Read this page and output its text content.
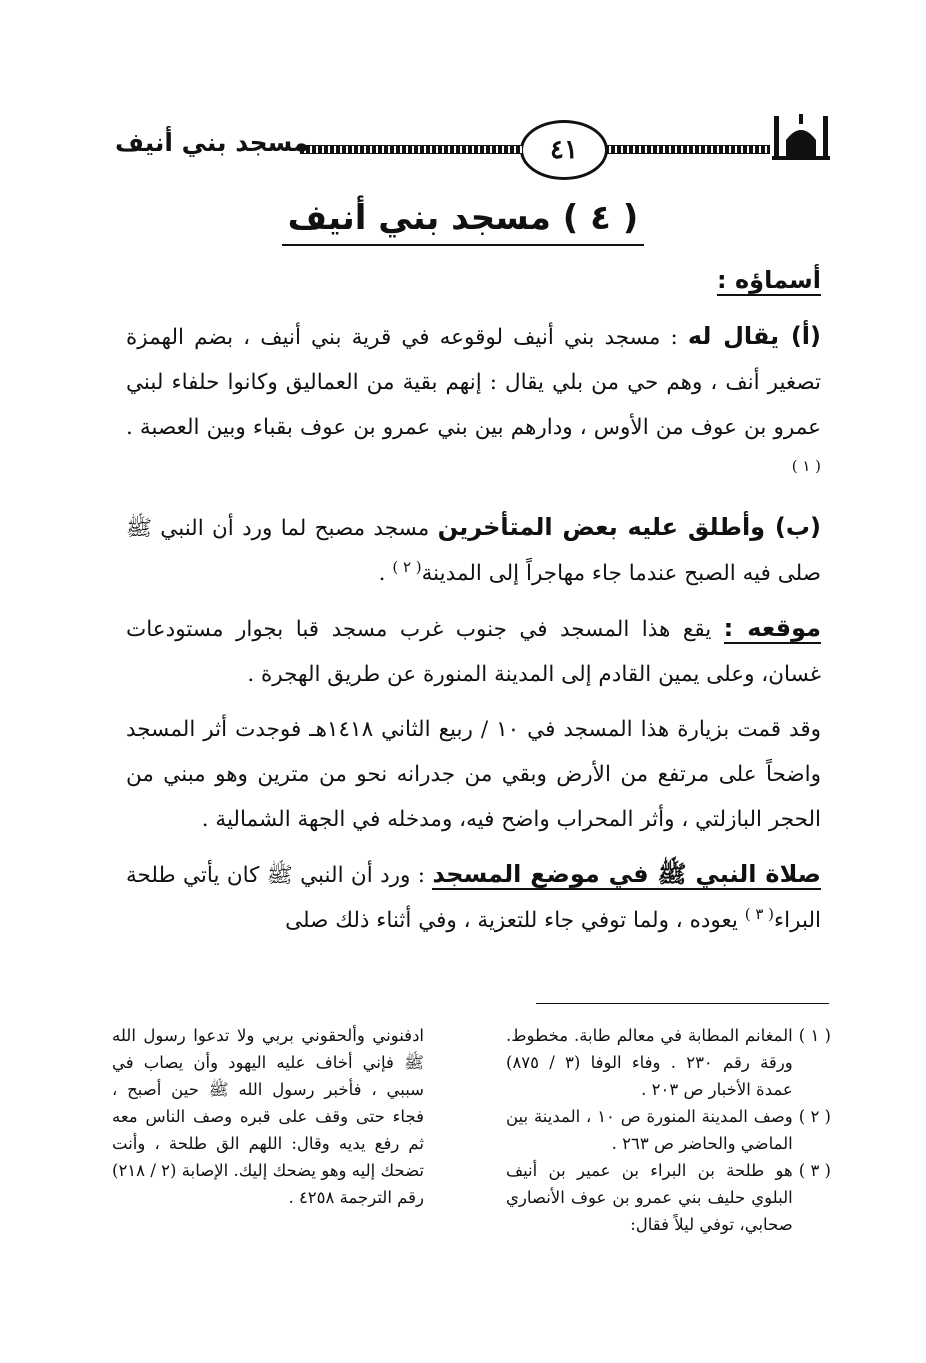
٤١
مسجد بني أنيف
( ٤ ) مسجد بني أنيف

أسماؤه :

(أ) يقال له : مسجد بني أنيف لوقوعه في قرية بني أنيف ، بضم الهمزة تصغير أنف ، وهم حي من بلي يقال : إنهم بقية من العماليق وكانوا حلفاء لبني عمرو بن عوف من الأوس ، ودارهم بين بني عمرو بن عوف بقباء وبين العصبة .$^{( ١ )}$

(ب) وأطلق عليه بعض المتأخرين مسجد مصبح لما ورد أن النبي ﷺ صلى فيه الصبح عندما جاء مهاجراً إلى المدينة$^{( ٢ )}$ .

موقعه : يقع هذا المسجد في جنوب غرب مسجد قبا بجوار مستودعات غسان، وعلى يمين القادم إلى المدينة المنورة عن طريق الهجرة .

وقد قمت بزيارة هذا المسجد في ١٠ / ربيع الثاني ١٤١٨هـ فوجدت أثر المسجد واضحاً على مرتفع من الأرض وبقي من جدرانه نحو من مترين وهو مبني من الحجر البازلتي ، وأثر المحراب واضح فيه، ومدخله في الجهة الشمالية .

صلاة النبي ﷺ في موضع المسجد : ورد أن النبي ﷺ كان يأتي طلحة البراء$^{( ٣ )}$ يعوده ، ولما توفي جاء للتعزية ، وفي أثناء ذلك صلى

( ١ )
المغانم المطابة في معالم طابة. مخطوط. ورقة رقم ٢٣٠ . وفاء الوفا (٣ / ٨٧٥) عمدة الأخبار ص ٢٠٣ .
( ٢ )
وصف المدينة المنورة ص ١٠ ، المدينة بين الماضي والحاضر ص ٢٦٣ .
( ٣ )
هو طلحة بن البراء بن عمير بن أنيف البلوي حليف بني عمرو بن عوف الأنصاري صحابي، توفي ليلاً فقال:

ادفنوني وألحقوني بربي ولا تدعوا رسول الله ﷺ فإني أخاف عليه اليهود وأن يصاب في سببي ، فأخبر رسول الله ﷺ حين أصبح ، فجاء حتى وقف على قبره وصف الناس معه ثم رفع يديه وقال: اللهم الق طلحة ، وأنت تضحك إليه وهو يضحك إليك. الإصابة (٢ / ٢١٨) رقم الترجمة ٤٢٥٨ .
